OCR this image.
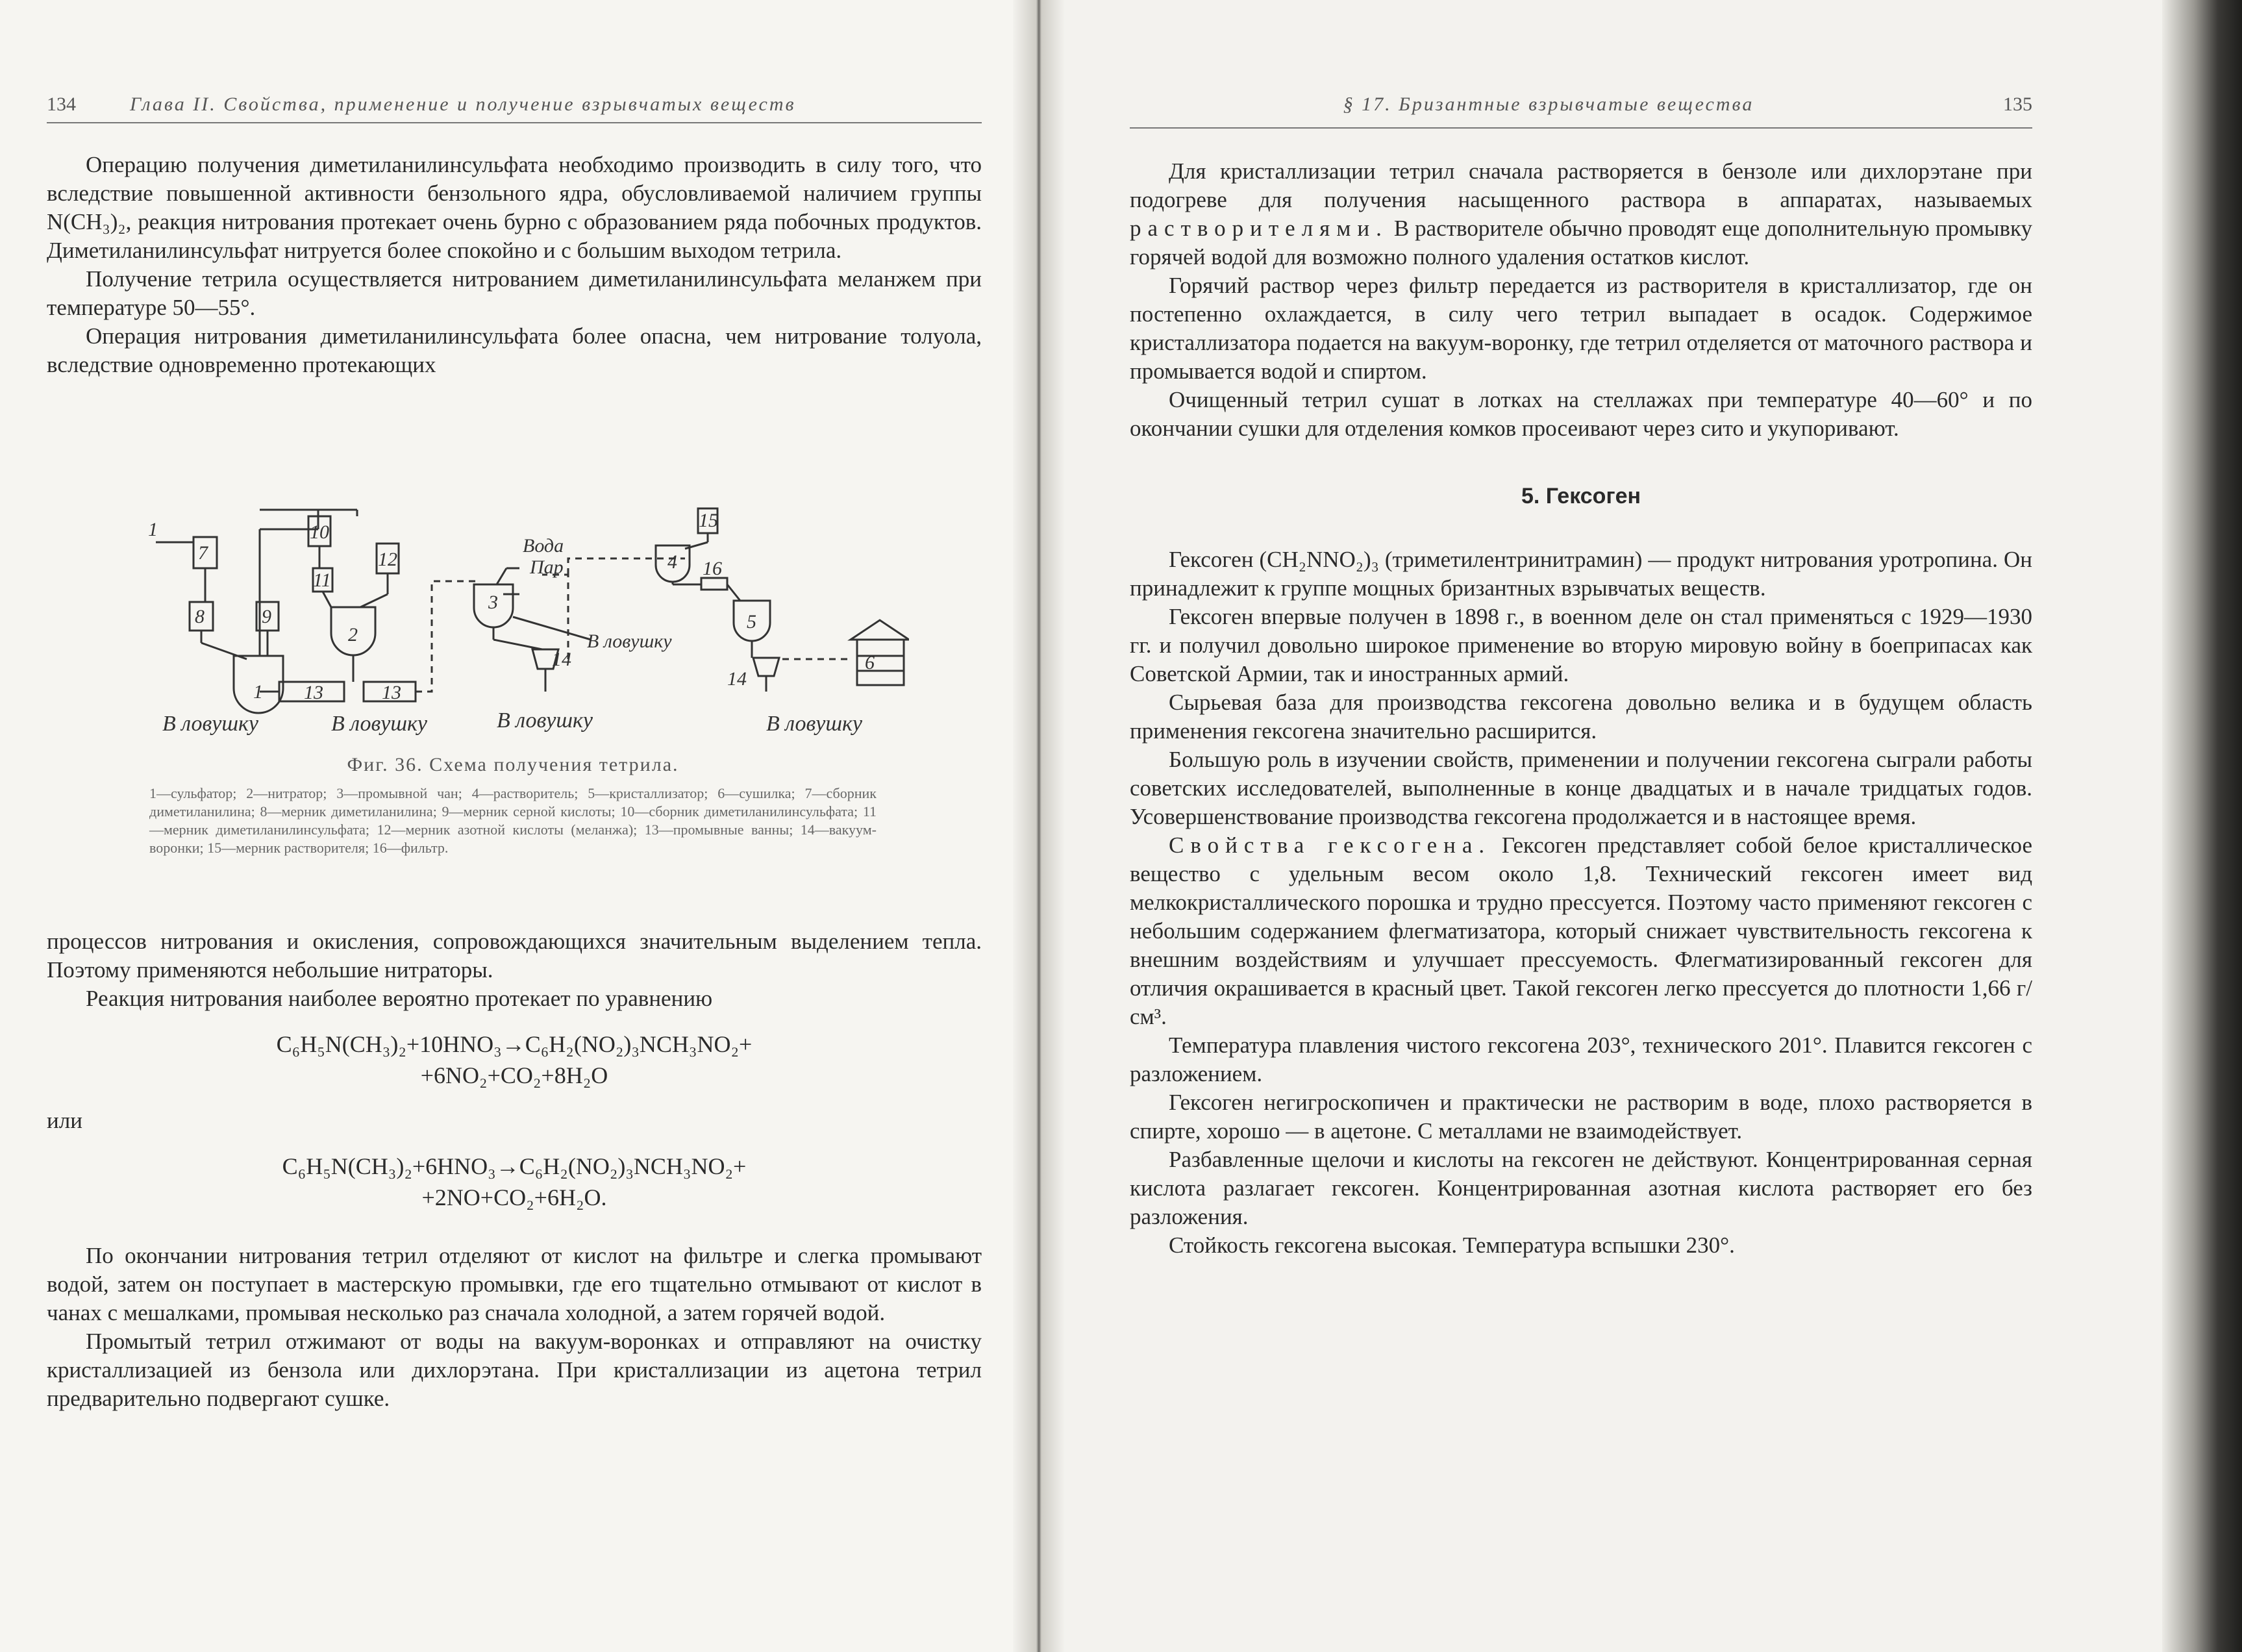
134	Глава II. Свойства, применение и получение взрывчатых веществ

Операцию получения диметиланилинсульфата необходимо производить в силу того, что вследствие повышенной активности бензольного ядра, обусловливаемой наличием группы N(CH₃)₂, реакция нитрования протекает очень бурно с образованием ряда побочных продуктов. Диметиланилинсульфат нитруется более спокойно и с большим выходом тетрила.

Получение тетрила осуществляется нитрованием диметиланилинсульфата меланжем при температуре 50—55°.

Операция нитрования диметиланилинсульфата более опасна, чем нитрование толуола, вследствие одновременно протекающих

1
7
8	9
1
10
11
12
2
13	13
Вода
Пар
3
14
В ловушку
15
4 16
5
14
6
В ловушку	В ловушку	В ловушку	В ловушку
Фиг. 36. Схема получения тетрила.
1—сульфатор; 2—нитратор; 3—промывной чан; 4—растворитель; 5—кристаллизатор; 6—сушилка; 7—сборник диметиланилина; 8—мерник диметиланилина; 9—мерник серной кислоты; 10—сборник диметиланилинсульфата; 11—мерник диметиланилинсульфата; 12—мерник азотной кислоты (меланжа); 13—промывные ванны; 14—вакуум-воронки; 15—мерник растворителя; 16—фильтр.

процессов нитрования и окисления, сопровождающихся значительным выделением тепла. Поэтому применяются небольшие нитраторы.

Реакция нитрования наиболее вероятно протекает по уравнению

C₆H₅N(CH₃)₂+10HNO₃→C₆H₂(NO₂)₃NCH₃NO₂+
+6NO₂+CO₂+8H₂O
или
C₆H₅N(CH₃)₂+6HNO₃→C₆H₂(NO₂)₃NCH₃NO₂+
+2NO+CO₂+6H₂O.

По окончании нитрования тетрил отделяют от кислот на фильтре и слегка промывают водой, затем он поступает в мастерскую промывки, где его тщательно отмывают от кислот в чанах с мешалками, промывая несколько раз сначала холодной, а затем горячей водой.

Промытый тетрил отжимают от воды на вакуум-воронках и отправляют на очистку кристаллизацией из бензола или дихлорэтана. При кристаллизации из ацетона тетрил предварительно подвергают сушке.

§ 17. Бризантные взрывчатые вещества	135

Для кристаллизации тетрил сначала растворяется в бензоле или дихлорэтане при подогреве для получения насыщенного раствора в аппаратах, называемых растворителями. В растворителе обычно проводят еще дополнительную промывку горячей водой для возможно полного удаления остатков кислот.

Горячий раствор через фильтр передается из растворителя в кристаллизатор, где он постепенно охлаждается, в силу чего тетрил выпадает в осадок. Содержимое кристаллизатора подается на вакуум-воронку, где тетрил отделяется от маточного раствора и промывается водой и спиртом.

Очищенный тетрил сушат в лотках на стеллажах при температуре 40—60° и по окончании сушки для отделения комков просеивают через сито и укупоривают.

5. Гексоген

Гексоген (CH₂NNO₂)₃ (триметилентринитрамин) — продукт нитрования уротропина. Он принадлежит к группе мощных бризантных взрывчатых веществ.

Гексоген впервые получен в 1898 г., в военном деле он стал применяться с 1929—1930 гг. и получил довольно широкое применение во вторую мировую войну в боеприпасах как Советской Армии, так и иностранных армий.

Сырьевая база для производства гексогена довольно велика и в будущем область применения гексогена значительно расширится.

Большую роль в изучении свойств, применении и получении гексогена сыграли работы советских исследователей, выполненные в конце двадцатых и в начале тридцатых годов. Усовершенствование производства гексогена продолжается и в настоящее время.

Свойства гексогена. Гексоген представляет собой белое кристаллическое вещество с удельным весом около 1,8. Технический гексоген имеет вид мелкокристаллического порошка и трудно прессуется. Поэтому часто применяют гексоген с небольшим содержанием флегматизатора, который снижает чувствительность гексогена к внешним воздействиям и улучшает прессуемость. Флегматизированный гексоген для отличия окрашивается в красный цвет. Такой гексоген легко прессуется до плотности 1,66 г/см³.

Температура плавления чистого гексогена 203°, технического 201°. Плавится гексоген с разложением.

Гексоген негигроскопичен и практически не растворим в воде, плохо растворяется в спирте, хорошо — в ацетоне. С металлами не взаимодействует.

Разбавленные щелочи и кислоты на гексоген не действуют. Концентрированная серная кислота разлагает гексоген. Концентрированная азотная кислота растворяет его без разложения.

Стойкость гексогена высокая. Температура вспышки 230°.
